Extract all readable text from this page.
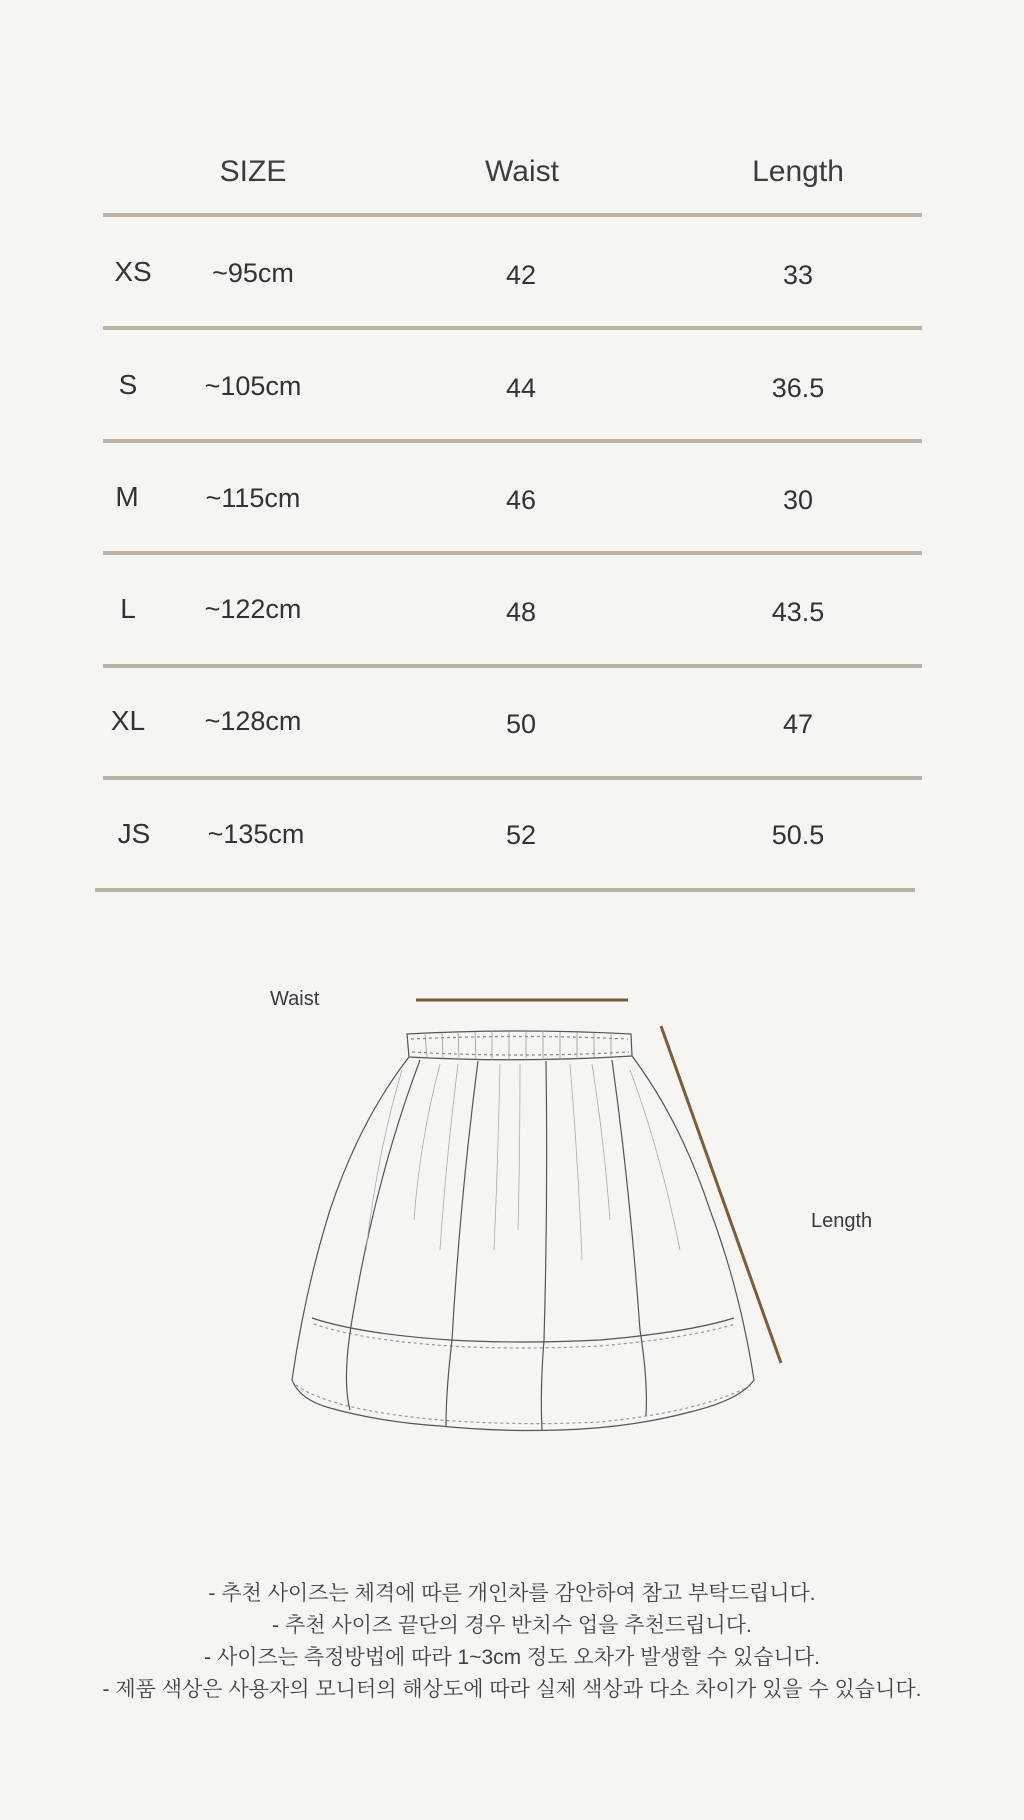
SIZE	Waist	Length
XS ~95cm	42	33
S ~105cm	44	36.5
M ~115cm	46	30
L	~122cm	48	43.5
XL ~128cm	50	47
JS ~135cm	52	50.5
Waist
Length
- 추천 사이즈는 체격에 따른 개인차를 감안하여 참고 부탁드립니다.
- 추천 사이즈 끝단의 경우 반치수 업을 추천드립니다.
- 사이즈는 측정방법에 따라 1~3cm 정도 오차가 발생할 수 있습니다.
- 제품 색상은 사용자의 모니터의 해상도에 따라 실제 색상과 다소 차이가 있을 수 있습니다.
